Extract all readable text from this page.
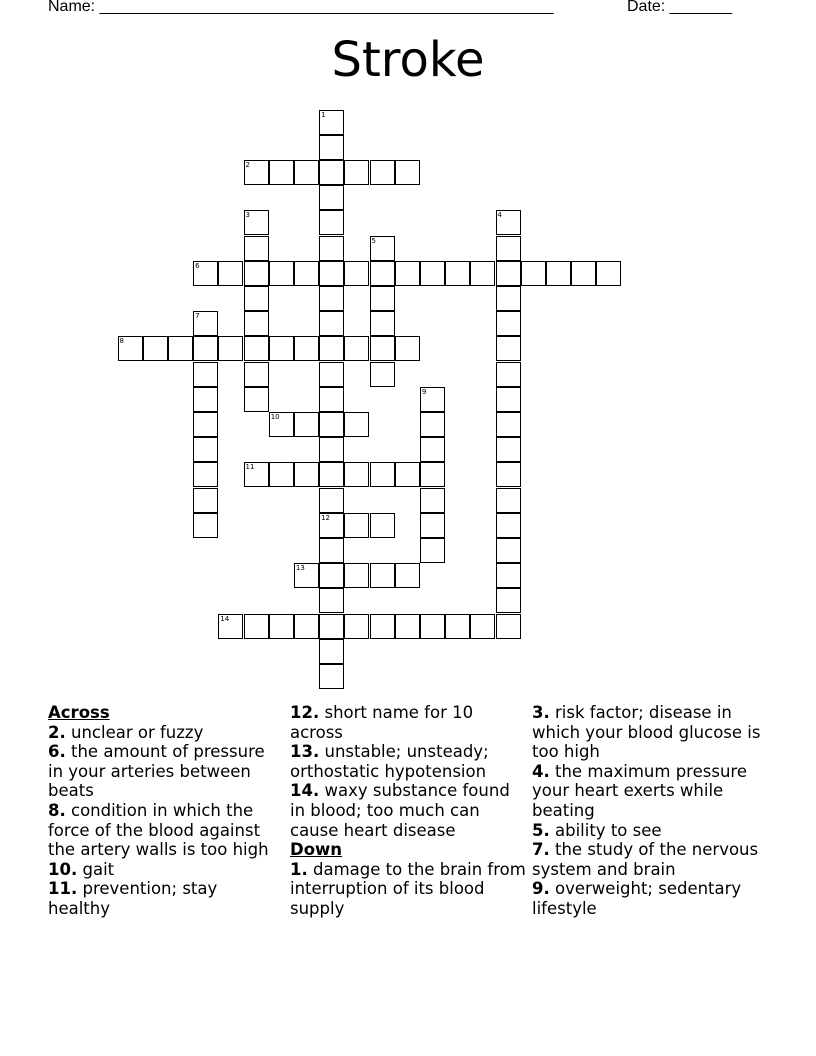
Name: ___________________________________________________	Date: _______
Stroke
1
2
3	4
5
6
7
8
9
10
11
12
13
14
Across
2. unclear or fuzzy
6. the amount of pressure in your arteries between beats
8. condition in which the force of the blood against the artery walls is too high
10. gait
11. prevention; stay healthy
12. short name for 10 across
13. unstable; unsteady; orthostatic hypotension
14. waxy substance found in blood; too much can cause heart disease
Down
1. damage to the brain from interruption of its blood supply
3. risk factor; disease in which your blood glucose is too high
4. the maximum pressure your heart exerts while beating
5. ability to see
7. the study of the nervous system and brain
9. overweight; sedentary lifestyle
